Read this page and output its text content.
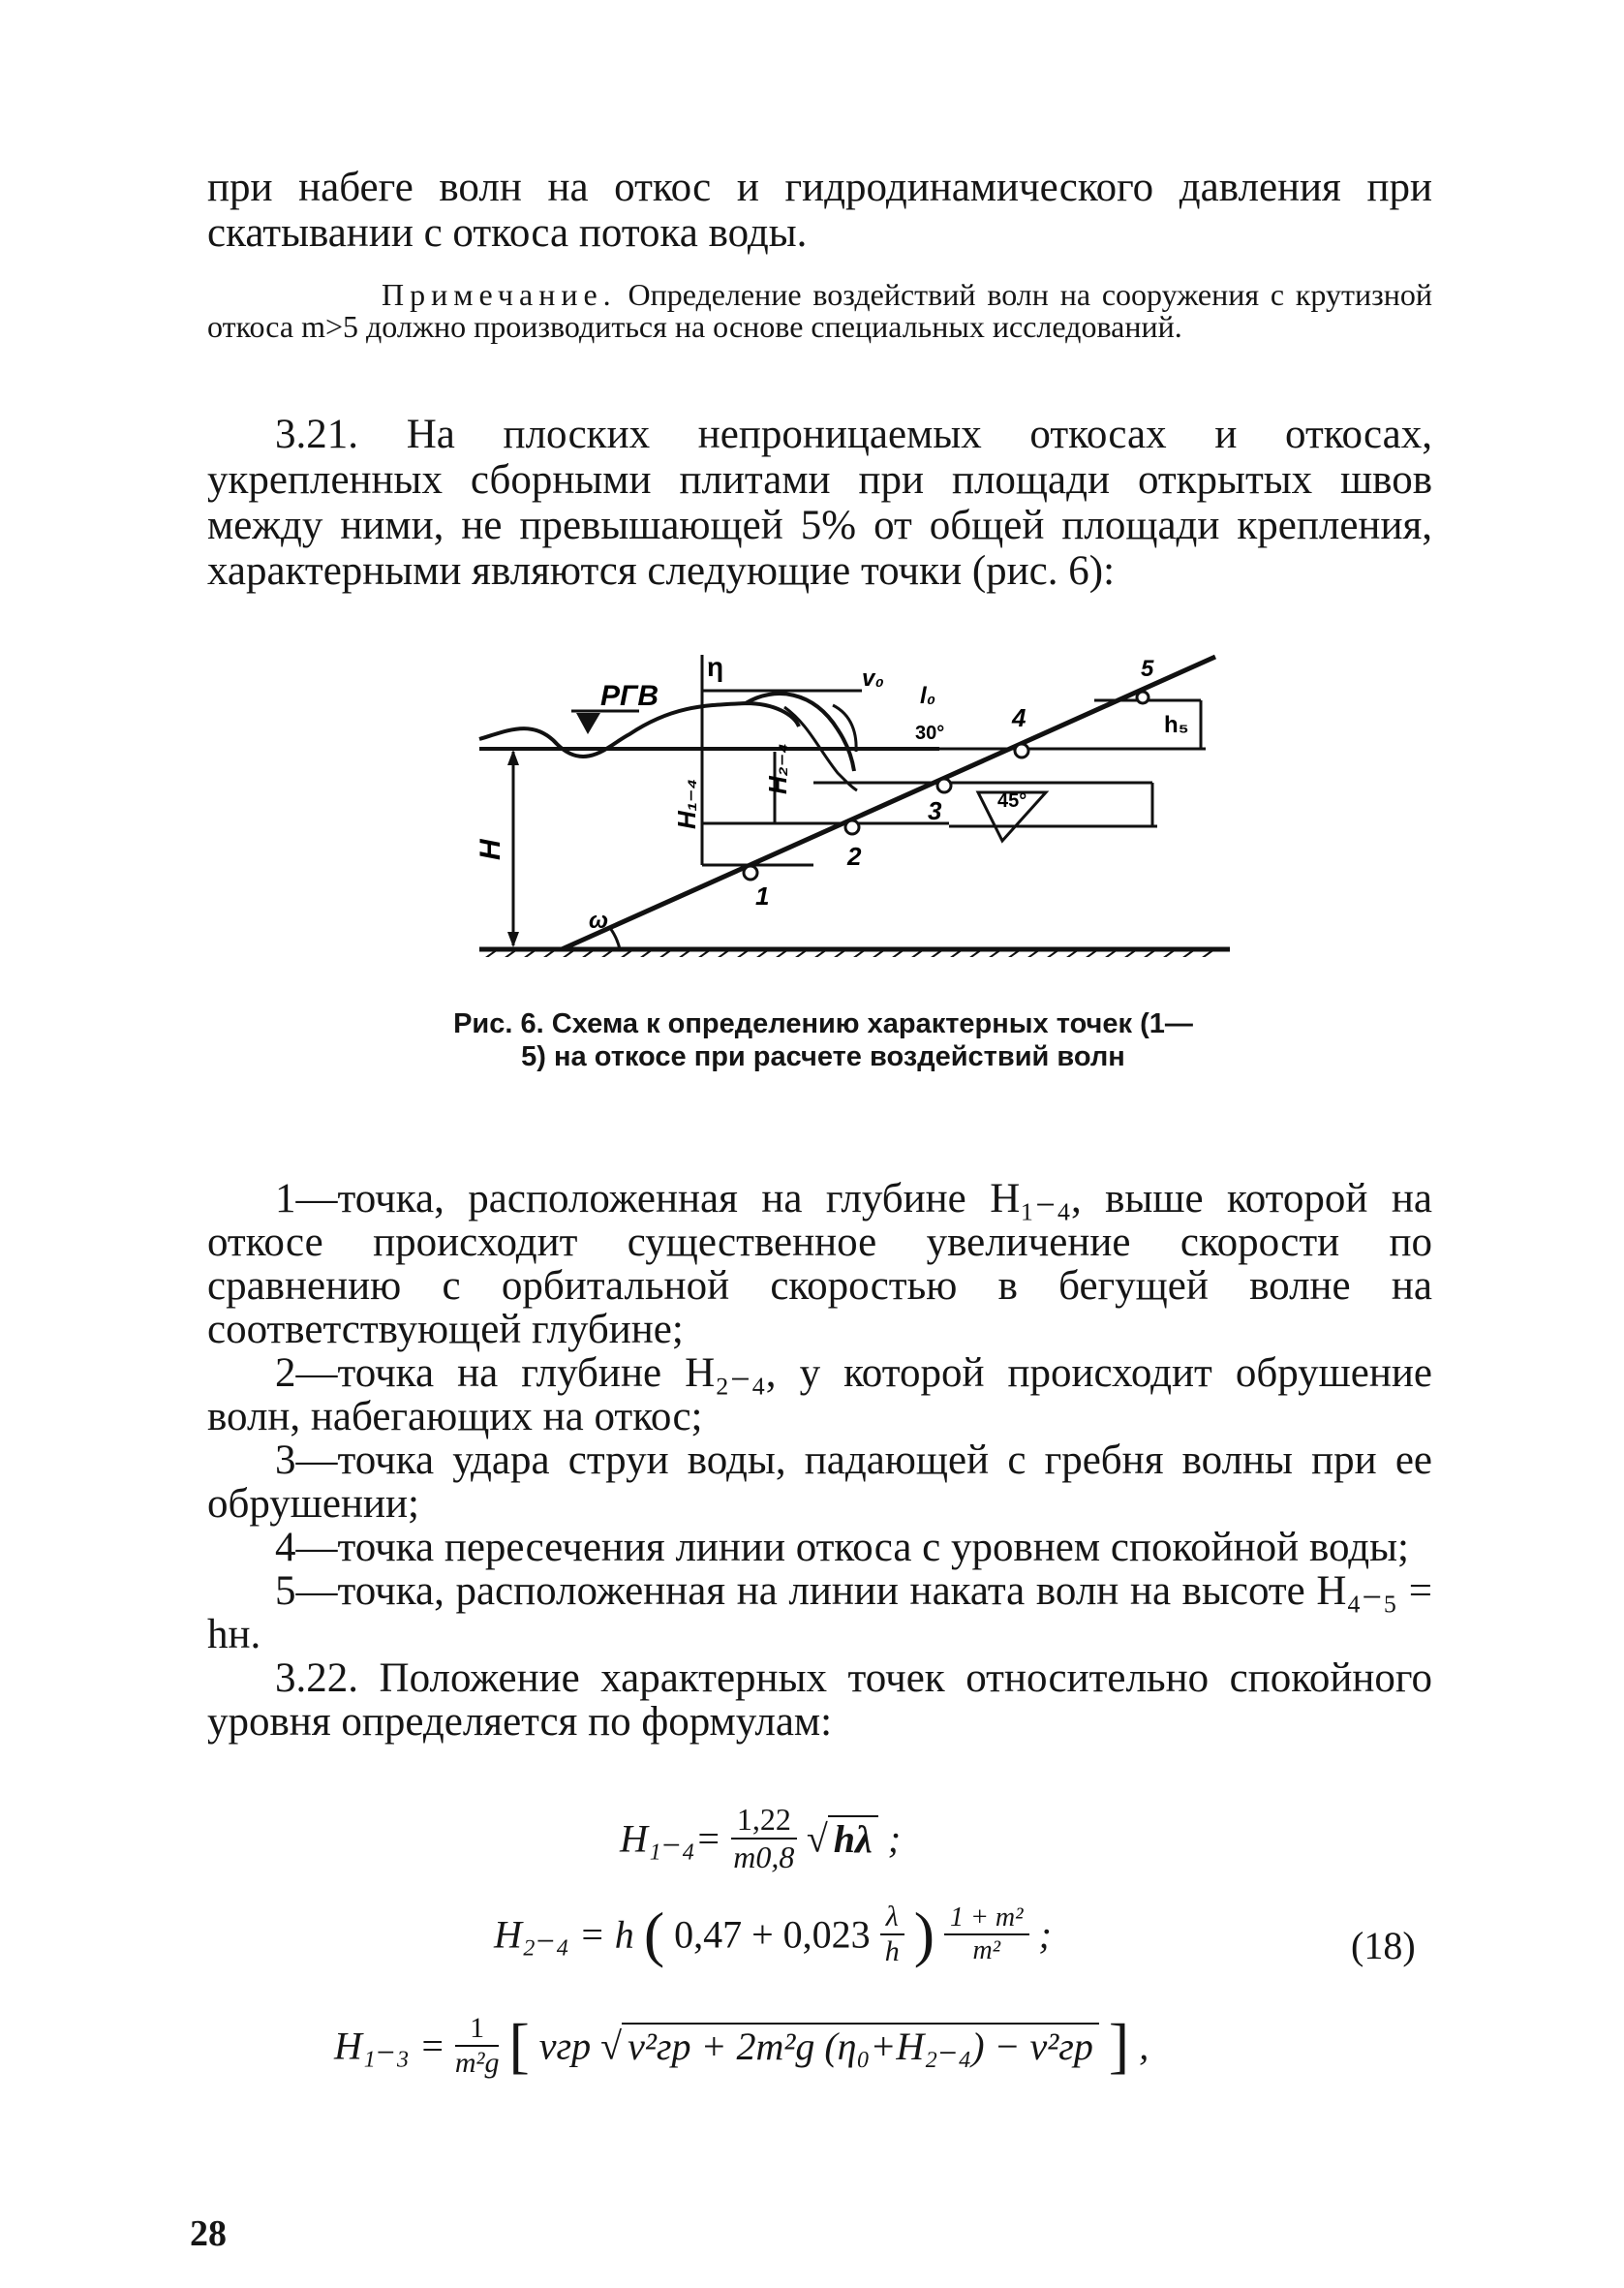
при набеге волн на откос и гидродинамического давления при скатывании с откоса потока воды.

Примечание. Определение воздействий волн на сооружения с крутизной откоса m>5 должно производиться на основе специальных исследований.

3.21. На плоских непроницаемых откосах и откосах, укрепленных сборными плитами при площади открытых швов между ними, не превышающей 5% от общей площади крепления, характерными являются следующие точки (рис. 6):

H
η
РГВ
H₁₋₄
H₂₋₄
h₅
45°
v₀
l₀
30°
ω
1
2
3
4
5

Рис. 6. Схема к определению характерных точек (1—5) на откосе при расчете воздействий волн

1—точка, расположенная на глубине H₁₋₄, выше которой на откосе происходит существенное увеличение скорости по сравнению с орбитальной скоростью в бегущей волне на соответствующей глубине;

2—точка на глубине H₂₋₄, у которой происходит обрушение волн, набегающих на откос;

3—точка удара струи воды, падающей с гребня волны при ее обрушении;

4—точка пересечения линии откоса с уровнем спокойной воды;

5—точка, расположенная на линии наката волн на высоте H₄₋₅ = hн.

3.22. Положение характерных точек относительно спокойного уровня определяется по формулам:

$H_{1-4}= \frac{1,22}{m0,8}$ √ hλ ;
H₂₋₄ = h ( $0,47 + 0,023 \frac{\lambda}{h}$ ) $\frac{\text{1 + m²}}{\text{m²}}$ ;	(18)
$H_{1-3} = \frac{1}{\text{m²g}}$ [ vгр √ v²гр + 2m²g (η₀+H₂₋₄) − v²гр ] ,
28
